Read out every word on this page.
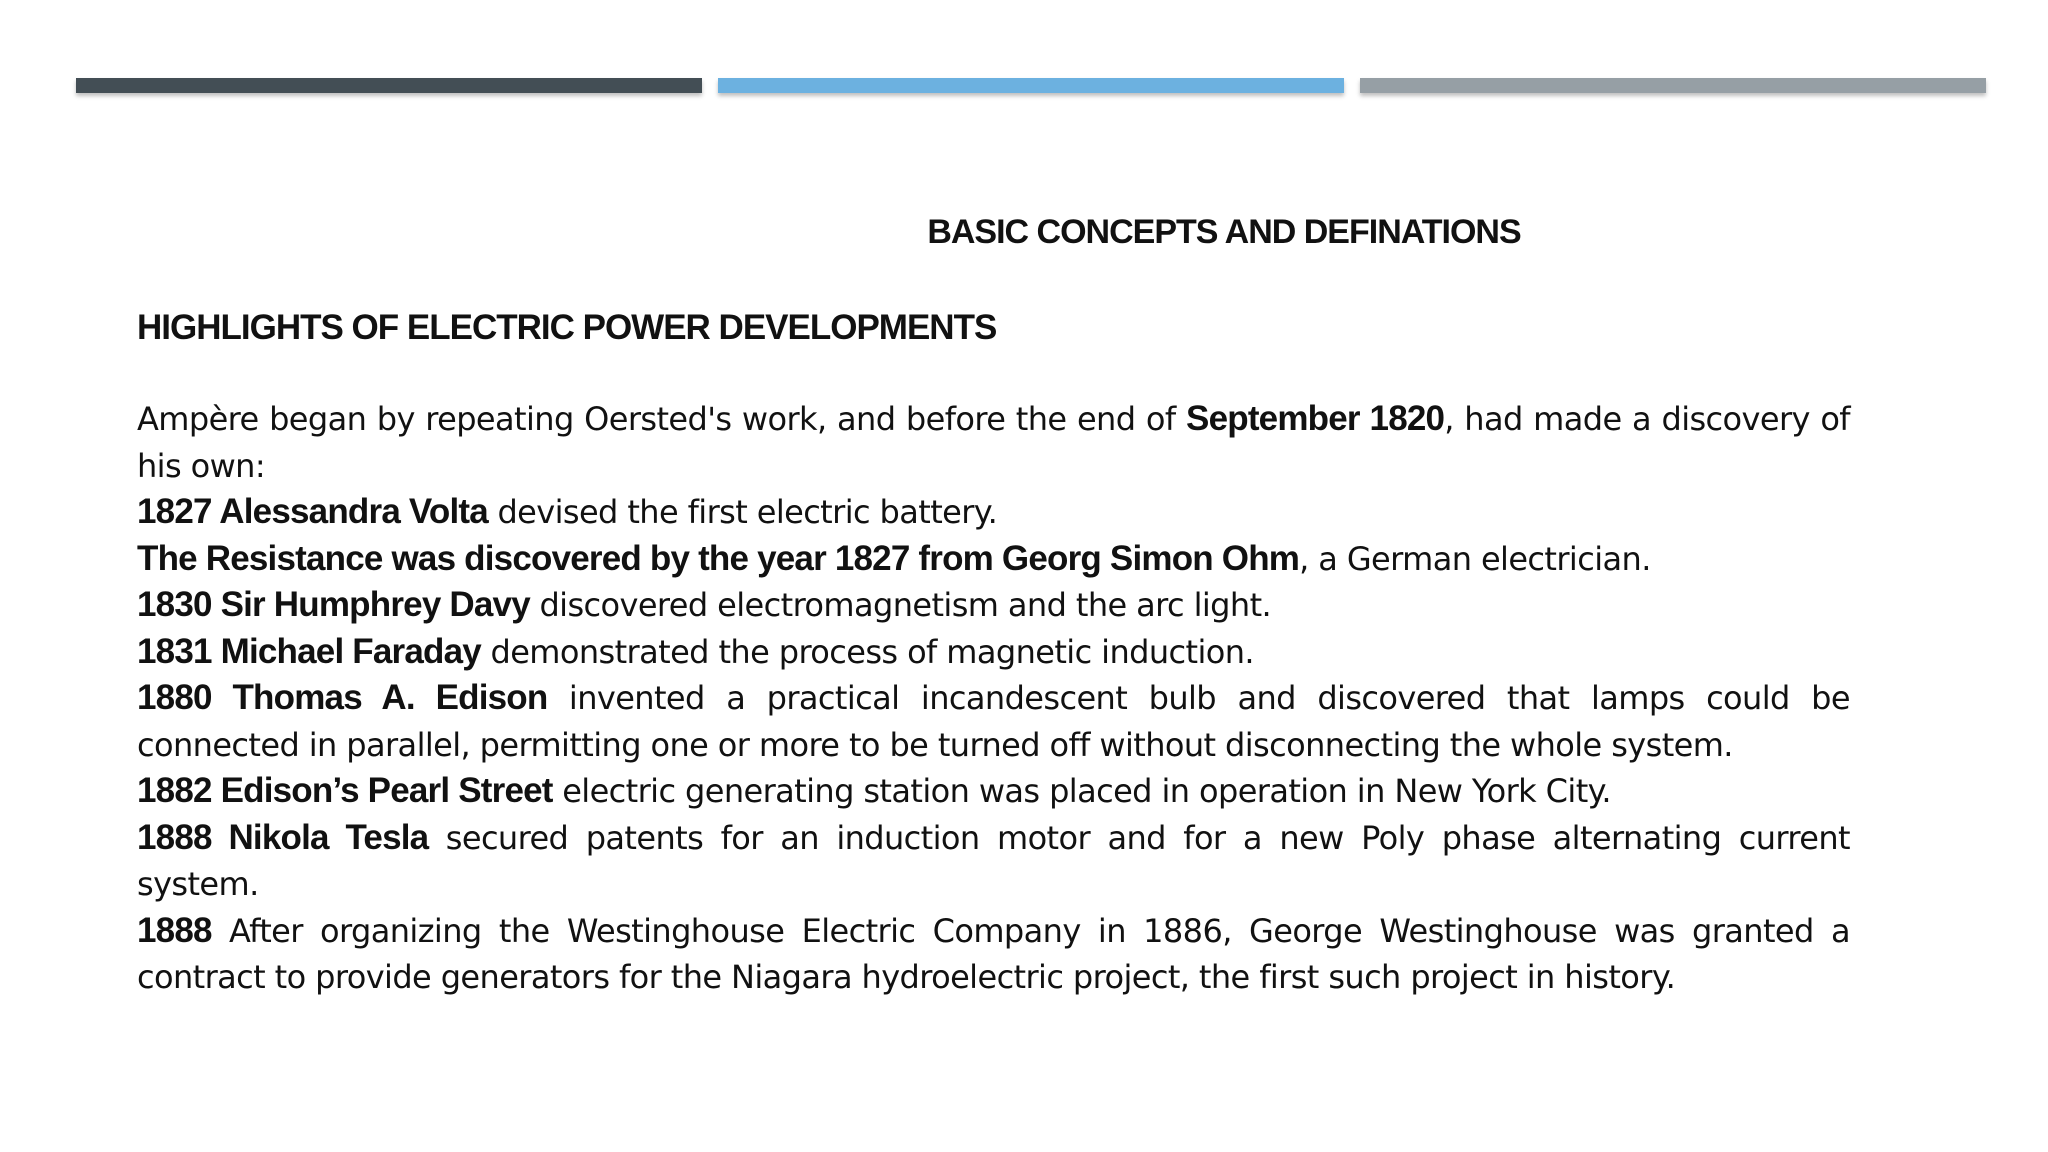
BASIC CONCEPTS AND DEFINATIONS
HIGHLIGHTS OF ELECTRIC POWER DEVELOPMENTS

Ampère began by repeating Oersted's work, and before the end of September 1820, had made a discovery of his own:

1827 Alessandra Volta devised the first electric battery.

The Resistance was discovered by the year 1827 from Georg Simon Ohm, a German electrician.

1830 Sir Humphrey Davy discovered electromagnetism and the arc light.

1831 Michael Faraday demonstrated the process of magnetic induction.

1880 Thomas A. Edison invented a practical incandescent bulb and discovered that lamps could be connected in parallel, permitting one or more to be turned off without disconnecting the whole system.

1882 Edison’s Pearl Street electric generating station was placed in operation in New York City.

1888 Nikola Tesla secured patents for an induction motor and for a new Poly phase alternating current system.

1888 After organizing the Westinghouse Electric Company in 1886, George Westinghouse was granted a contract to provide generators for the Niagara hydroelectric project, the first such project in history.
